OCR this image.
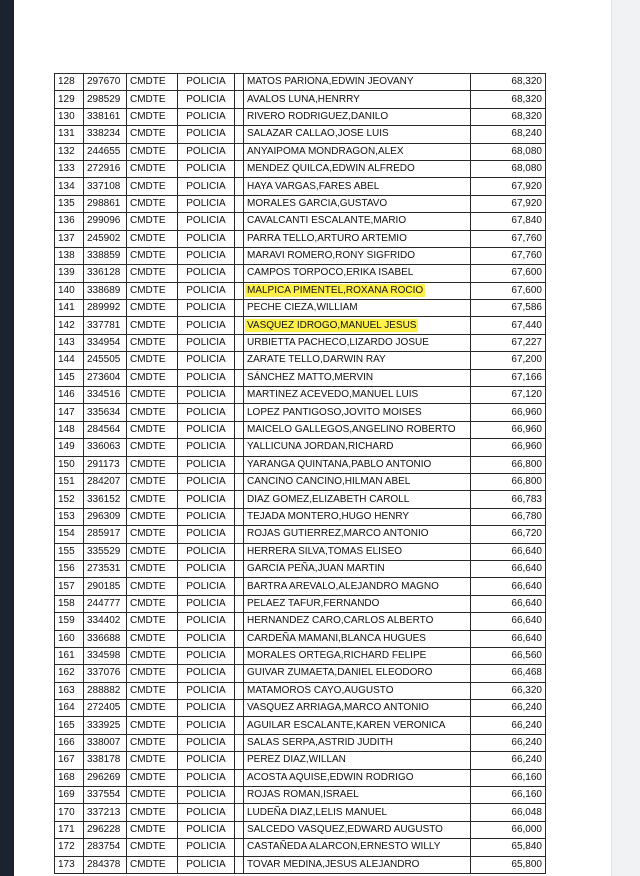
128	297670	CMDTE	POLICIA		MATOS PARIONA,EDWIN JEOVANY	68,320
129	298529	CMDTE	POLICIA		AVALOS LUNA,HENRRY	68,320
130	338161	CMDTE	POLICIA		RIVERO RODRIGUEZ,DANILO	68,320
131	338234	CMDTE	POLICIA		SALAZAR CALLAO,JOSE LUIS	68,240
132	244655	CMDTE	POLICIA		ANYAIPOMA MONDRAGON,ALEX	68,080
133	272916	CMDTE	POLICIA		MENDEZ QUILCA,EDWIN ALFREDO	68,080
134	337108	CMDTE	POLICIA		HAYA VARGAS,FARES ABEL	67,920
135	298861	CMDTE	POLICIA		MORALES GARCIA,GUSTAVO	67,920
136	299096	CMDTE	POLICIA		CAVALCANTI ESCALANTE,MARIO	67,840
137	245902	CMDTE	POLICIA		PARRA TELLO,ARTURO ARTEMIO	67,760
138	338859	CMDTE	POLICIA		MARAVI ROMERO,RONY SIGFRIDO	67,760
139	336128	CMDTE	POLICIA		CAMPOS TORPOCO,ERIKA ISABEL	67,600
140	338689	CMDTE	POLICIA		MALPICA PIMENTEL,ROXANA ROCIO	67,600
141	289992	CMDTE	POLICIA		PECHE CIEZA,WILLIAM	67,586
142	337781	CMDTE	POLICIA		VASQUEZ IDROGO,MANUEL JESUS	67,440
143	334954	CMDTE	POLICIA		URBIETTA PACHECO,LIZARDO JOSUE	67,227
144	245505	CMDTE	POLICIA		ZARATE TELLO,DARWIN RAY	67,200
145	273604	CMDTE	POLICIA		SÁNCHEZ MATTO,MERVIN	67,166
146	334516	CMDTE	POLICIA		MARTINEZ ACEVEDO,MANUEL LUIS	67,120
147	335634	CMDTE	POLICIA		LOPEZ PANTIGOSO,JOVITO MOISES	66,960
148	284564	CMDTE	POLICIA		MAICELO GALLEGOS,ANGELINO ROBERTO	66,960
149	336063	CMDTE	POLICIA		YALLICUNA JORDAN,RICHARD	66,960
150	291173	CMDTE	POLICIA		YARANGA QUINTANA,PABLO ANTONIO	66,800
151	284207	CMDTE	POLICIA		CANCINO CANCINO,HILMAN ABEL	66,800
152	336152	CMDTE	POLICIA		DIAZ GOMEZ,ELIZABETH CAROLL	66,783
153	296309	CMDTE	POLICIA		TEJADA MONTERO,HUGO HENRY	66,780
154	285917	CMDTE	POLICIA		ROJAS GUTIERREZ,MARCO ANTONIO	66,720
155	335529	CMDTE	POLICIA		HERRERA SILVA,TOMAS ELISEO	66,640
156	273531	CMDTE	POLICIA		GARCIA PEÑA,JUAN MARTIN	66,640
157	290185	CMDTE	POLICIA		BARTRA AREVALO,ALEJANDRO MAGNO	66,640
158	244777	CMDTE	POLICIA		PELAEZ TAFUR,FERNANDO	66,640
159	334402	CMDTE	POLICIA		HERNANDEZ CARO,CARLOS ALBERTO	66,640
160	336688	CMDTE	POLICIA		CARDEÑA MAMANI,BLANCA HUGUES	66,640
161	334598	CMDTE	POLICIA		MORALES ORTEGA,RICHARD FELIPE	66,560
162	337076	CMDTE	POLICIA		GUIVAR ZUMAETA,DANIEL ELEODORO	66,468
163	288882	CMDTE	POLICIA		MATAMOROS CAYO,AUGUSTO	66,320
164	272405	CMDTE	POLICIA		VASQUEZ ARRIAGA,MARCO ANTONIO	66,240
165	333925	CMDTE	POLICIA		AGUILAR ESCALANTE,KAREN VERONICA	66,240
166	338007	CMDTE	POLICIA		SALAS SERPA,ASTRID JUDITH	66,240
167	338178	CMDTE	POLICIA		PEREZ DIAZ,WILLAN	66,240
168	296269	CMDTE	POLICIA		ACOSTA AQUISE,EDWIN RODRIGO	66,160
169	337554	CMDTE	POLICIA		ROJAS ROMAN,ISRAEL	66,160
170	337213	CMDTE	POLICIA		LUDEÑA DIAZ,LELIS MANUEL	66,048
171	296228	CMDTE	POLICIA		SALCEDO VASQUEZ,EDWARD AUGUSTO	66,000
172	283754	CMDTE	POLICIA		CASTAÑEDA ALARCON,ERNESTO WILLY	65,840
173	284378	CMDTE	POLICIA		TOVAR MEDINA,JESUS ALEJANDRO	65,800
